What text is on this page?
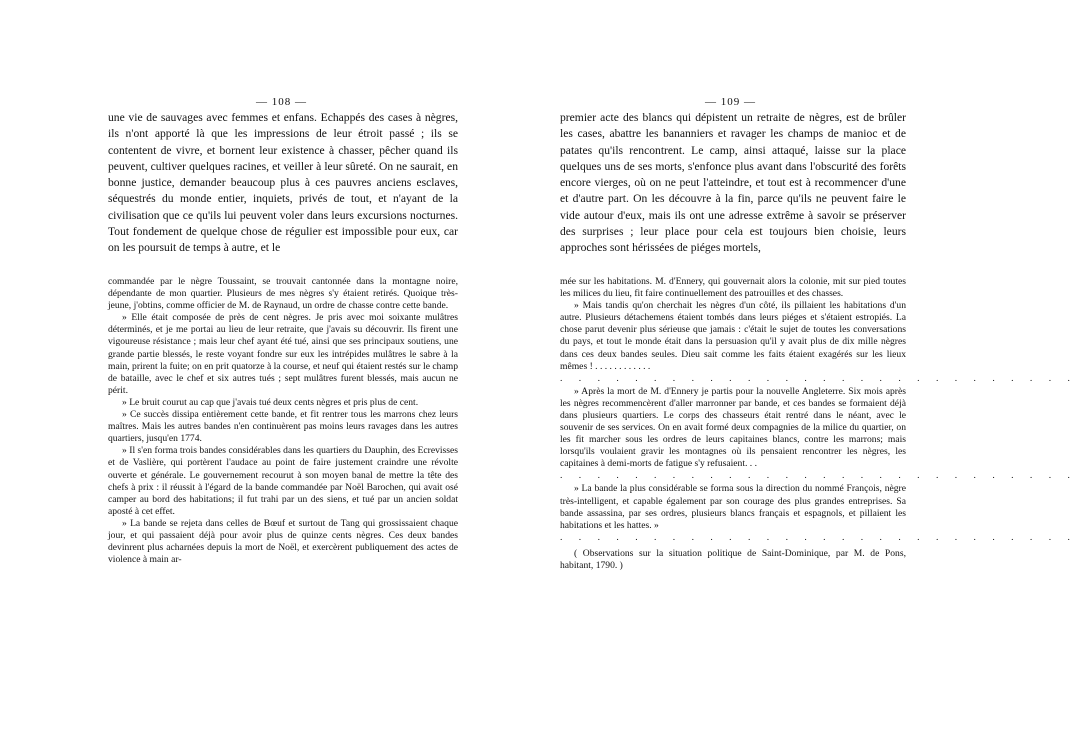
— 108 —

une vie de sauvages avec femmes et enfans. Echappés des cases à nègres, ils n'ont apporté là que les impressions de leur étroit passé ; ils se contentent de vivre, et bornent leur existence à chasser, pêcher quand ils peuvent, cultiver quelques racines, et veiller à leur sûreté. On ne saurait, en bonne justice, demander beaucoup plus à ces pauvres anciens esclaves, séquestrés du monde entier, inquiets, privés de tout, et n'ayant de la civilisation que ce qu'ils lui peuvent voler dans leurs excursions nocturnes. Tout fondement de quelque chose de régulier est impossible pour eux, car on les poursuit de temps à autre, et le

commandée par le nègre Toussaint, se trouvait cantonnée dans la montagne noire, dépendante de mon quartier. Plusieurs de mes nègres s'y étaient retirés. Quoique très-jeune, j'obtins, comme officier de M. de Raynaud, un ordre de chasse contre cette bande.

» Elle était composée de près de cent nègres. Je pris avec moi soixante mulâtres déterminés, et je me portai au lieu de leur retraite, que j'avais su découvrir. Ils firent une vigoureuse résistance ; mais leur chef ayant été tué, ainsi que ses principaux soutiens, une grande partie blessés, le reste voyant fondre sur eux les intrépides mulâtres le sabre à la main, prirent la fuite; on en prit quatorze à la course, et neuf qui étaient restés sur le champ de bataille, avec le chef et six autres tués ; sept mulâtres furent blessés, mais aucun ne périt.

» Le bruit courut au cap que j'avais tué deux cents nègres et pris plus de cent.

» Ce succès dissipa entièrement cette bande, et fit rentrer tous les marrons chez leurs maîtres. Mais les autres bandes n'en continuèrent pas moins leurs ravages dans les autres quartiers, jusqu'en 1774.

» Il s'en forma trois bandes considérables dans les quartiers du Dauphin, des Ecrevisses et de Vaslière, qui portèrent l'audace au point de faire justement craindre une révolte ouverte et générale. Le gouvernement recourut à son moyen banal de mettre la tête des chefs à prix : il réussit à l'égard de la bande commandée par Noël Barochen, qui avait osé camper au bord des habitations; il fut trahi par un des siens, et tué par un ancien soldat aposté à cet effet.

» La bande se rejeta dans celles de Bœuf et surtout de Tang qui grossissaient chaque jour, et qui passaient déjà pour avoir plus de quinze cents nègres. Ces deux bandes devinrent plus acharnées depuis la mort de Noël, et exercèrent publiquement des actes de violence à main ar-

— 109 —

premier acte des blancs qui dépistent un retraite de nègres, est de brûler les cases, abattre les bananniers et ravager les champs de manioc et de patates qu'ils rencontrent. Le camp, ainsi attaqué, laisse sur la place quelques uns de ses morts, s'enfonce plus avant dans l'obscurité des forêts encore vierges, où on ne peut l'atteindre, et tout est à recommencer d'une et d'autre part. On les découvre à la fin, parce qu'ils ne peuvent faire le vide autour d'eux, mais ils ont une adresse extrême à savoir se préserver des surprises ; leur place pour cela est toujours bien choisie, leurs approches sont hérissées de piéges mortels,

mée sur les habitations. M. d'Ennery, qui gouvernait alors la colonie, mit sur pied toutes les milices du lieu, fit faire continuellement des patrouilles et des chasses.

» Mais tandis qu'on cherchait les nègres d'un côté, ils pillaient les habitations d'un autre. Plusieurs détachemens étaient tombés dans leurs piéges et s'étaient estropiés. La chose parut devenir plus sérieuse que jamais : c'était le sujet de toutes les conversations du pays, et tout le monde était dans la persuasion qu'il y avait plus de dix mille nègres dans ces deux bandes seules. Dieu sait comme les faits étaient exagérés sur les lieux mêmes ! . . . . . . . . . . . .

. . . . . . . . . . . . . . . . . . . . . . . . . . . .

» Après la mort de M. d'Ennery je partis pour la nouvelle Angleterre. Six mois après les nègres recommencèrent d'aller marronner par bande, et ces bandes se formaient déjà dans plusieurs quartiers. Le corps des chasseurs était rentré dans le néant, avec le souvenir de ses services. On en avait formé deux compagnies de la milice du quartier, on les fit marcher sous les ordres de leurs capitaines blancs, contre les marrons; mais lorsqu'ils voulaient gravir les montagnes où ils pensaient rencontrer les nègres, les capitaines à demi-morts de fatigue s'y refusaient. . .

. . . . . . . . . . . . . . . . . . . . . . . . . . . .

» La bande la plus considérable se forma sous la direction du nommé François, nègre très-intelligent, et capable également par son courage des plus grandes entreprises. Sa bande assassina, par ses ordres, plusieurs blancs français et espagnols, et pillaient les habitations et les hattes. »

. . . . . . . . . . . . . . . . . . . . . . . . . . . .

( Observations sur la situation politique de Saint-Dominique, par M. de Pons, habitant, 1790. )
